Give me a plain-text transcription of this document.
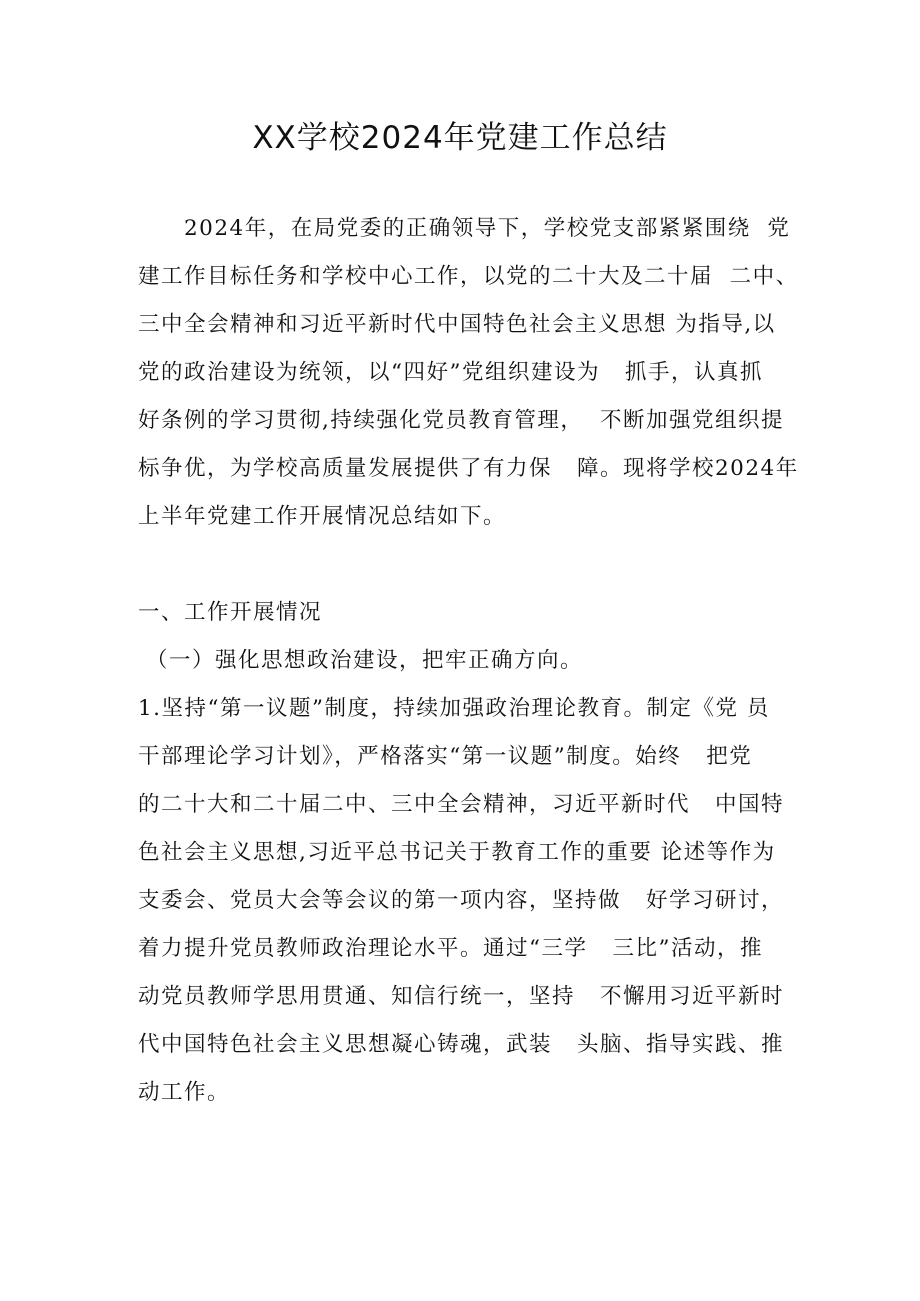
XX学校2024年党建工作总结
2024年，在局党委的正确领导下，学校党支部紧紧围绕  党
建工作目标任务和学校中心工作，以党的二十大及二十届  二中、
三中全会精神和习近平新时代中国特色社会主义思想 为指导,以
党的政治建设为统领，以“四好”党组织建设为   抓手，认真抓
好条例的学习贯彻,持续强化党员教育管理，  不断加强党组织提
标争优，为学校高质量发展提供了有力保   障。现将学校2024年
上半年党建工作开展情况总结如下。
一、工作开展情况
（一）强化思想政治建设，把牢正确方向。
1.坚持“第一议题”制度，持续加强政治理论教育。制定《党 员
干部理论学习计划》，严格落实“第一议题”制度。始终   把党
的二十大和二十届二中、三中全会精神，习近平新时代   中国特
色社会主义思想,习近平总书记关于教育工作的重要 论述等作为
支委会、党员大会等会议的第一项内容，坚持做   好学习研讨，
着力提升党员教师政治理论水平。通过“三学   三比”活动，推
动党员教师学思用贯通、知信行统一，坚持   不懈用习近平新时
代中国特色社会主义思想凝心铸魂，武装   头脑、指导实践、推
动工作。
